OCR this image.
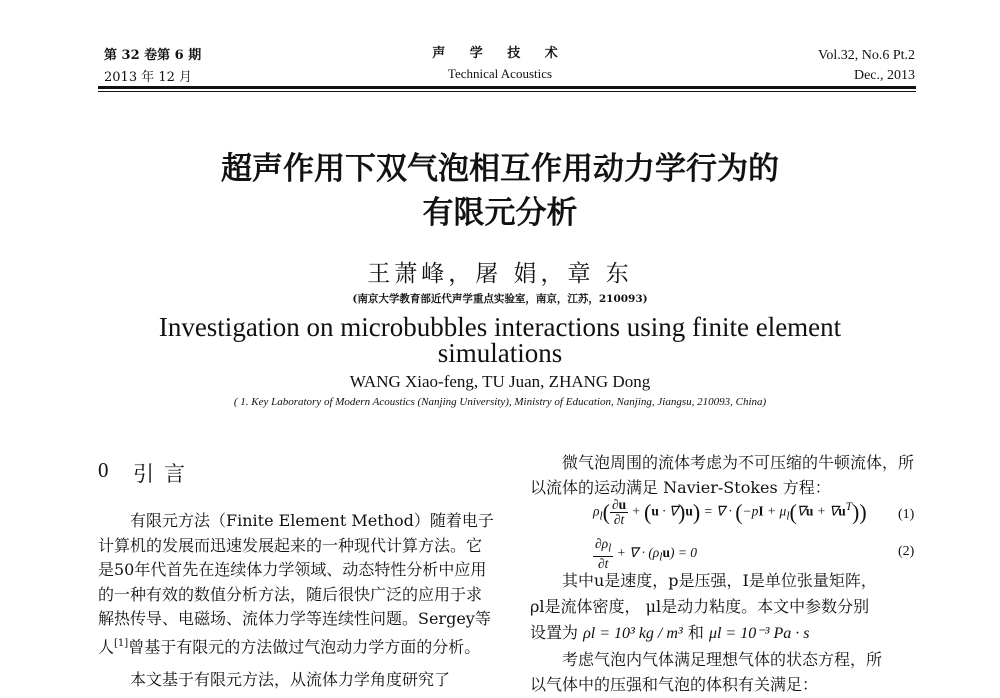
第 32 卷第 6 期
2013 年 12 月
声 学 技 术
Technical Acoustics
Vol.32, No.6 Pt.2
Dec., 2013
超声作用下双气泡相互作用动力学行为的
有限元分析
王萧峰，屠 娟，章 东
(南京大学教育部近代声学重点实验室，南京，江苏，210093)
Investigation on microbubbles interactions using finite element
simulations
WANG Xiao-feng, TU Juan, ZHANG Dong
( 1. Key Laboratory of Modern Acoustics (Nanjing University), Ministry of Education, Nanjing, Jiangsu, 210093, China)
0 引言
有限元方法（Finite Element Method）随着电子计算机的发展而迅速发展起来的一种现代计算方法。它是50年代首先在连续体力学领域、动态特性分析中应用的一种有效的数值分析方法，随后很快广泛的应用于求解热传导、电磁场、流体力学等连续性问题。Sergey等人[1]曾基于有限元的方法做过气泡动力学方面的分析。
本文基于有限元方法，从流体力学角度研究了
微气泡周围的流体考虑为不可压缩的牛顿流体，所以流体的运动满足 Navier-Stokes 方程：
$\rho_l( \frac{\partial u}{\partial t} + (u \cdot \nabla)u)$ = ∇ · $(-pI + \mu_l(\nabla u + \nabla u^T))$ (1)
$\frac{\partial\rho_l}{\partial t}$ + ∇ · $(\rho_lu) = 0$	(2)
其中u是速度，p是压强，I是单位张量矩阵，
ρl是流体密度， μl是动力粘度。本文中参数分别
设置为 ρl = 10³ kg / m³ 和 μl = 10⁻³ Pa · s
考虑气泡内气体满足理想气体的状态方程，所
以气体中的压强和气泡的体积有关满足：
